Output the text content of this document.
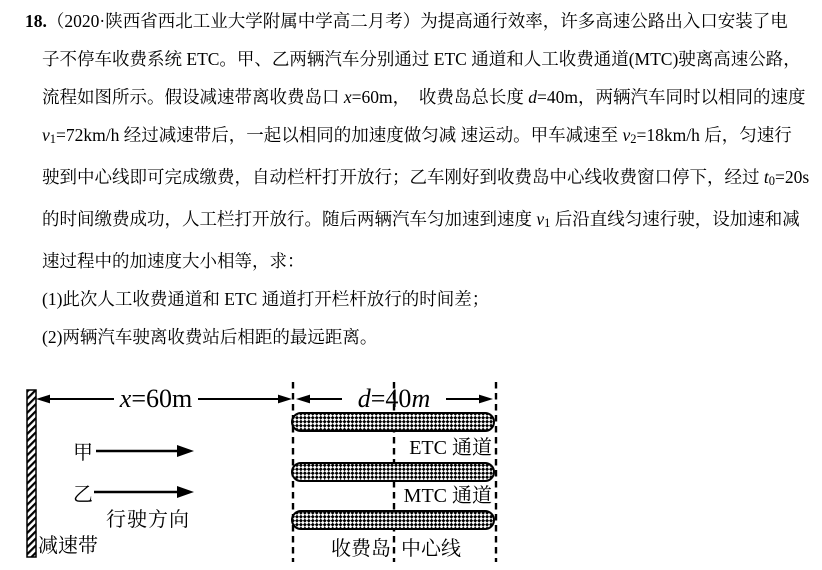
18.（2020·陕西省西北工业大学附属中学高二月考）为提高通行效率，许多高速公路出入口安装了电
子不停车收费系统 ETC。甲、乙两辆汽车分别通过 ETC 通道和人工收费通道(MTC)驶离高速公路，
流程如图所示。假设减速带离收费岛口 x=60m，  收费岛总长度 d=40m，两辆汽车同时以相同的速度
v1=72km/h 经过减速带后，一起以相同的加速度做匀减 速运动。甲车减速至 v2=18km/h 后，匀速行
驶到中心线即可完成缴费，自动栏杆打开放行；乙车刚好到收费岛中心线收费窗口停下，经过 t0=20s
的时间缴费成功，人工栏打开放行。随后两辆汽车匀加速到速度 v1 后沿直线匀速行驶，设加速和减
速过程中的加速度大小相等，求：
(1)此次人工收费通道和 ETC 通道打开栏杆放行的时间差；
(2)两辆汽车驶离收费站后相距的最远距离。
x=60m	d=40m
ETC 通道
MTC 通道
甲
乙
行驶方向
减速带	收费岛 中心线
